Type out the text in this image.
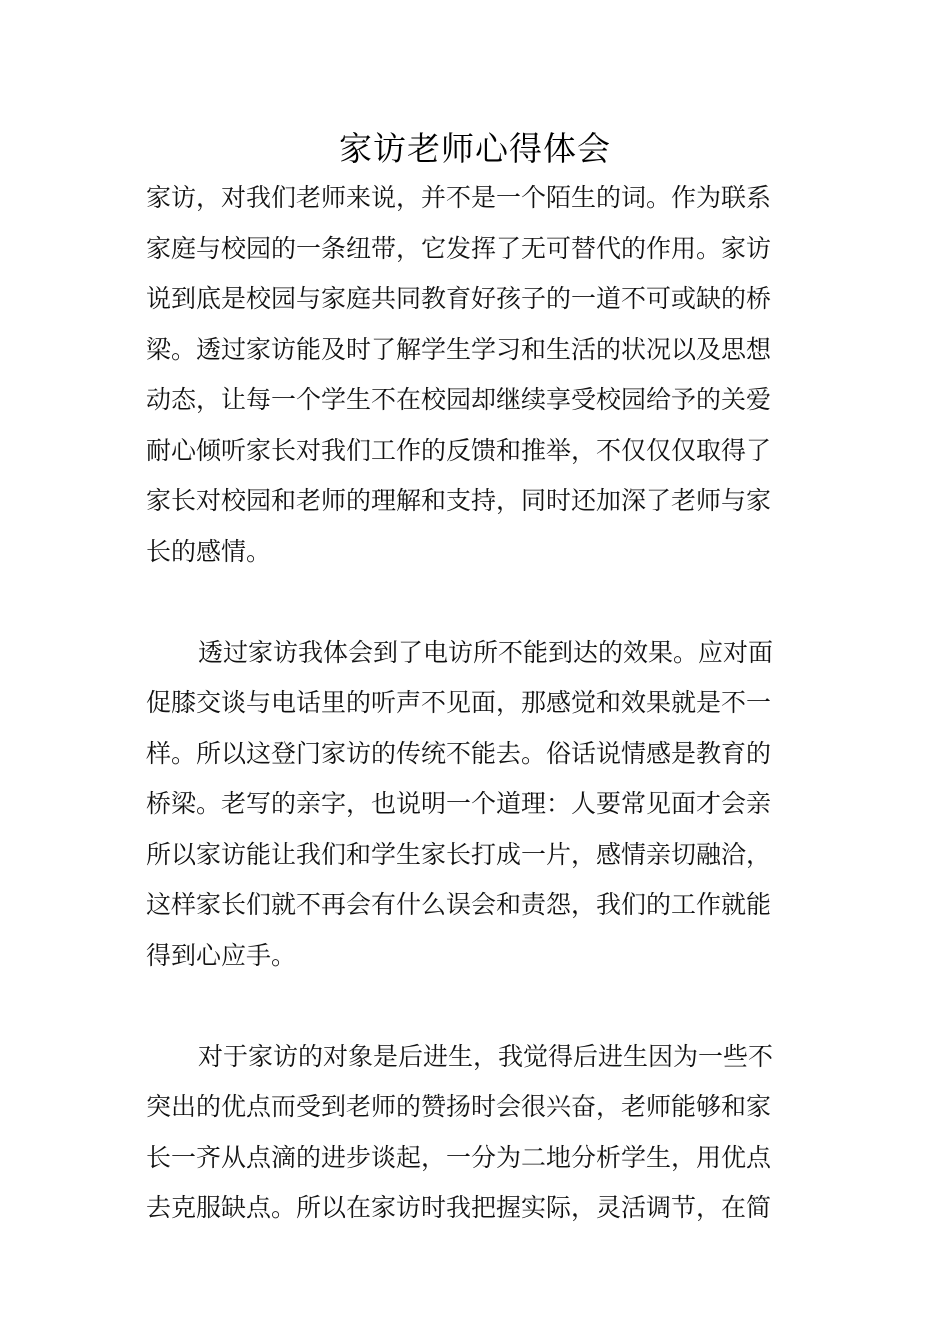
家访老师心得体会
家访，对我们老师来说，并不是一个陌生的词。作为联系
家庭与校园的一条纽带，它发挥了无可替代的作用。家访
说到底是校园与家庭共同教育好孩子的一道不可或缺的桥
梁。透过家访能及时了解学生学习和生活的状况以及思想
动态，让每一个学生不在校园却继续享受校园给予的关爱
耐心倾听家长对我们工作的反馈和推举，不仅仅仅取得了
家长对校园和老师的理解和支持，同时还加深了老师与家
长的感情。
透过家访我体会到了电访所不能到达的效果。应对面
促膝交谈与电话里的听声不见面，那感觉和效果就是不一
样。所以这登门家访的传统不能去。俗话说情感是教育的
桥梁。老写的亲字，也说明一个道理：人要常见面才会亲
所以家访能让我们和学生家长打成一片，感情亲切融洽，
这样家长们就不再会有什么误会和责怨，我们的工作就能
得到心应手。
对于家访的对象是后进生，我觉得后进生因为一些不
突出的优点而受到老师的赞扬时会很兴奋，老师能够和家
长一齐从点滴的进步谈起，一分为二地分析学生，用优点
去克服缺点。所以在家访时我把握实际，灵活调节，在简
